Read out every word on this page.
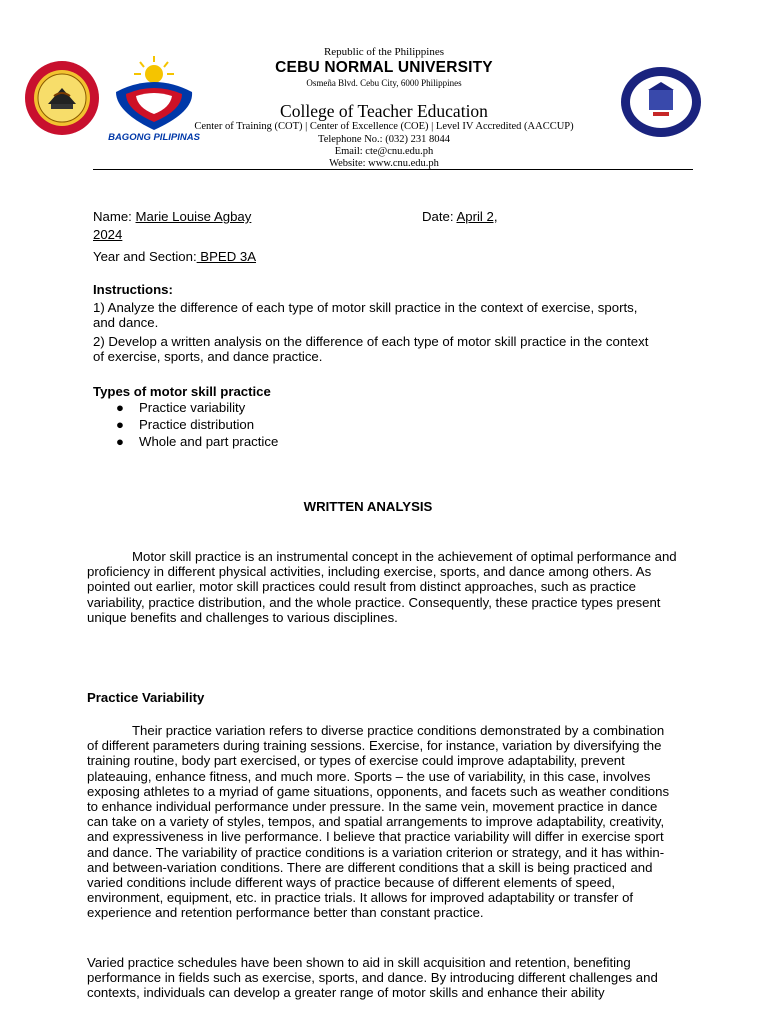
BAGONG PILIPINAS
Republic of the Philippines
CEBU NORMAL UNIVERSITY
Osmeña Blvd. Cebu City, 6000 Philippines
College of Teacher Education
Center of Training (COT) | Center of Excellence (COE) | Level IV Accredited (AACCUP)
Telephone No.: (032) 231 8044
Email: cte@cnu.edu.ph
Website: www.cnu.edu.ph
Name: Marie Louise Agbay	Date: April 2,
2024
Year and Section: BPED 3A
Instructions:
1) Analyze the difference of each type of motor skill practice in the context of exercise, sports, and dance.
2) Develop a written analysis on the difference of each type of motor skill practice in the context of exercise, sports, and dance practice.
Types of motor skill practice
● Practice variability
● Practice distribution
● Whole and part practice
WRITTEN ANALYSIS
Motor skill practice is an instrumental concept in the achievement of optimal performance and proficiency in different physical activities, including exercise, sports, and dance among others. As pointed out earlier, motor skill practices could result from distinct approaches, such as practice variability, practice distribution, and the whole practice. Consequently, these practice types present unique benefits and challenges to various disciplines.
Practice Variability
Their practice variation refers to diverse practice conditions demonstrated by a combination of different parameters during training sessions. Exercise, for instance, variation by diversifying the training routine, body part exercised, or types of exercise could improve adaptability, prevent plateauing, enhance fitness, and much more. Sports – the use of variability, in this case, involves exposing athletes to a myriad of game situations, opponents, and facets such as weather conditions to enhance individual performance under pressure. In the same vein, movement practice in dance can take on a variety of styles, tempos, and spatial arrangements to improve adaptability, creativity, and expressiveness in live performance. I believe that practice variability will differ in exercise sport and dance. The variability of practice conditions is a variation criterion or strategy, and it has within- and between-variation conditions. There are different conditions that a skill is being practiced and varied conditions include different ways of practice because of different elements of speed, environment, equipment, etc. in practice trials. It allows for improved adaptability or transfer of experience and retention performance better than constant practice.
Varied practice schedules have been shown to aid in skill acquisition and retention, benefiting performance in fields such as exercise, sports, and dance. By introducing different challenges and contexts, individuals can develop a greater range of motor skills and enhance their ability
